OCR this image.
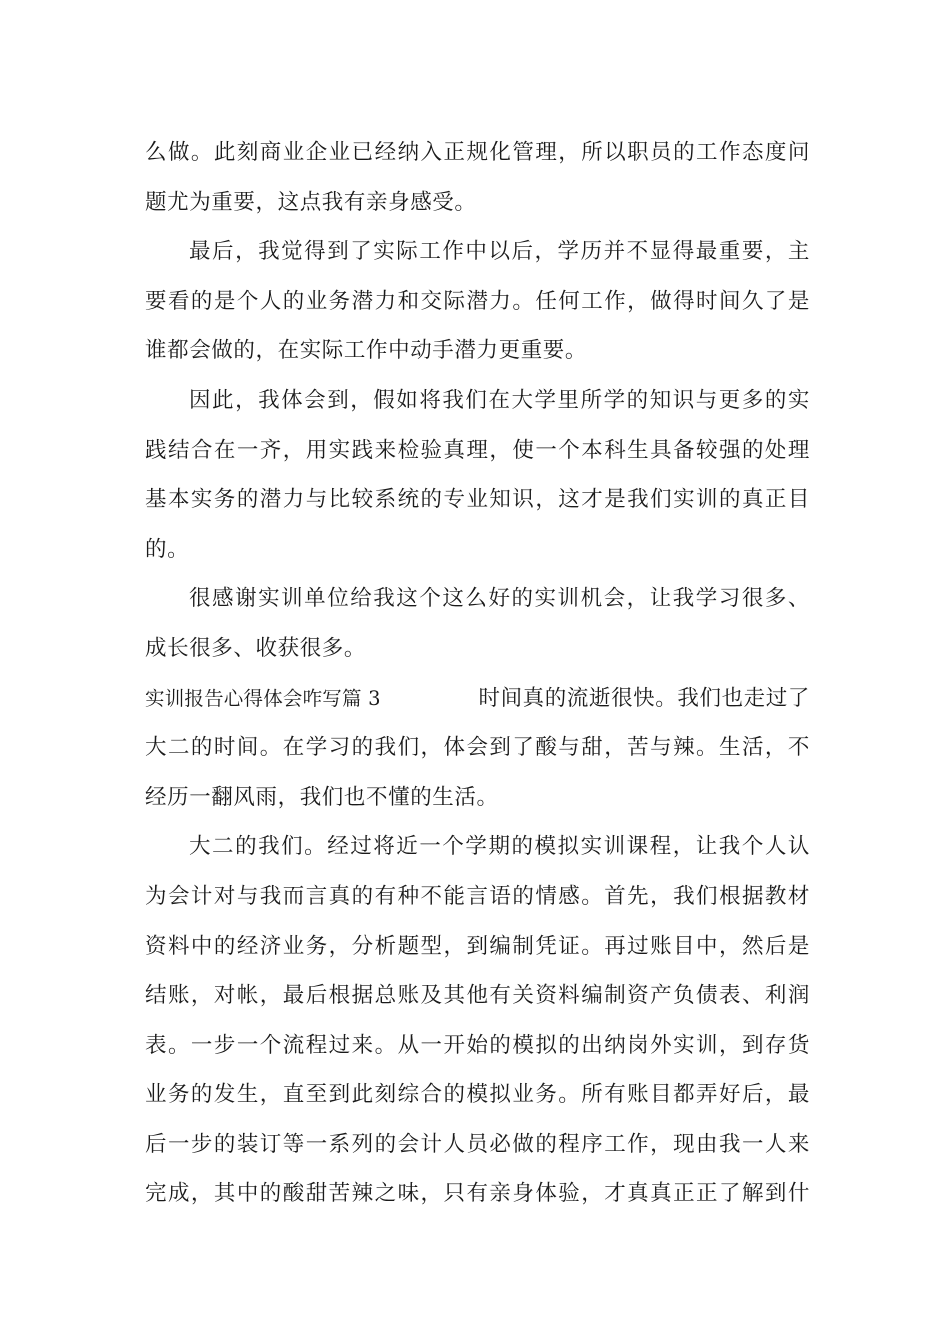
么做。此刻商业企业已经纳入正规化管理，所以职员的工作态度问
题尤为重要，这点我有亲身感受。
最后，我觉得到了实际工作中以后，学历并不显得最重要，主
要看的是个人的业务潜力和交际潜力。任何工作，做得时间久了是
谁都会做的，在实际工作中动手潜力更重要。
因此，我体会到，假如将我们在大学里所学的知识与更多的实
践结合在一齐，用实践来检验真理，使一个本科生具备较强的处理
基本实务的潜力与比较系统的专业知识，这才是我们实训的真正目
的。
很感谢实训单位给我这个这么好的实训机会，让我学习很多、
成长很多、收获很多。
实训报告心得体会咋写篇 3	时间真的流逝很快。我们也走过了
大二的时间。在学习的我们，体会到了酸与甜，苦与辣。生活，不
经历一翻风雨，我们也不懂的生活。
大二的我们。经过将近一个学期的模拟实训课程，让我个人认
为会计对与我而言真的有种不能言语的情感。首先，我们根据教材
资料中的经济业务，分析题型，到编制凭证。再过账目中，然后是
结账，对帐，最后根据总账及其他有关资料编制资产负债表、利润
表。一步一个流程过来。从一开始的模拟的出纳岗外实训，到存货
业务的发生，直至到此刻综合的模拟业务。所有账目都弄好后，最
后一步的装订等一系列的会计人员必做的程序工作，现由我一人来
完成，其中的酸甜苦辣之味，只有亲身体验，才真真正正了解到什
